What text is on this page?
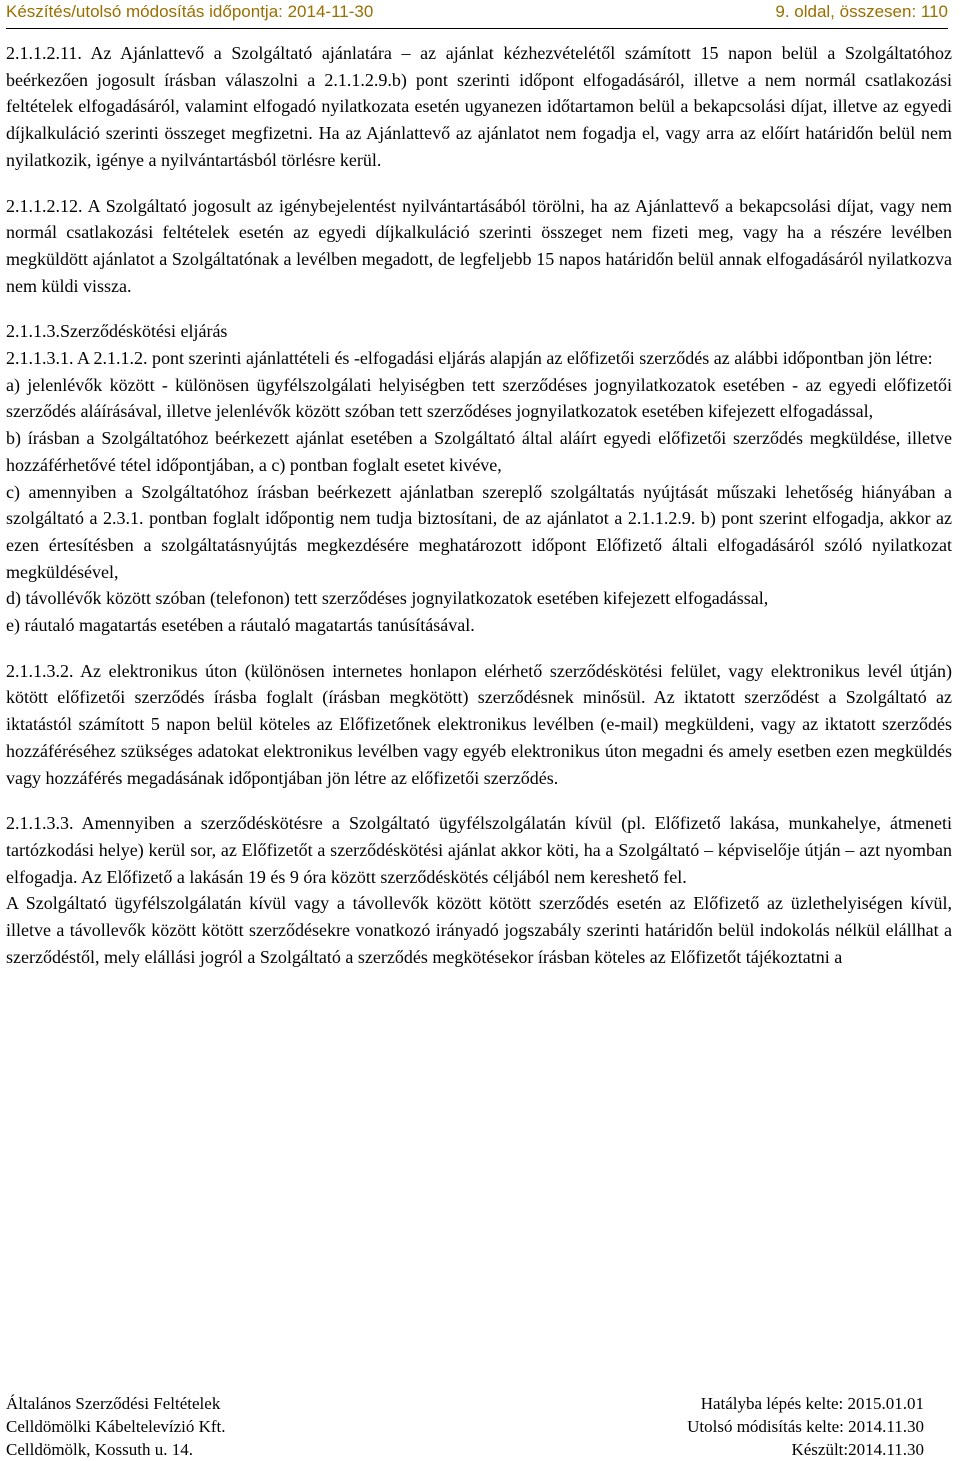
Készítés/utolsó módosítás időpontja: 2014-11-30	9. oldal, összesen: 110

2.1.1.2.11. Az Ajánlattevő a Szolgáltató ajánlatára – az ajánlat kézhezvételétől számított 15 napon belül a Szolgáltatóhoz beérkezően jogosult írásban válaszolni a 2.1.1.2.9.b) pont szerinti időpont elfogadásáról, illetve a nem normál csatlakozási feltételek elfogadásáról, valamint elfogadó nyilatkozata esetén ugyanezen időtartamon belül a bekapcsolási díjat, illetve az egyedi díjkalkuláció szerinti összeget megfizetni. Ha az Ajánlattevő az ajánlatot nem fogadja el, vagy arra az előírt határidőn belül nem nyilatkozik, igénye a nyilvántartásból törlésre kerül.

2.1.1.2.12. A Szolgáltató jogosult az igénybejelentést nyilvántartásából törölni, ha az Ajánlattevő a bekapcsolási díjat, vagy nem normál csatlakozási feltételek esetén az egyedi díjkalkuláció szerinti összeget nem fizeti meg, vagy ha a részére levélben megküldött ajánlatot a Szolgáltatónak a levélben megadott, de legfeljebb 15 napos határidőn belül annak elfogadásáról nyilatkozva nem küldi vissza.

2.1.1.3.Szerződéskötési eljárás

2.1.1.3.1. A 2.1.1.2. pont szerinti ajánlattételi és -elfogadási eljárás alapján az előfizetői szerződés az alábbi időpontban jön létre:

a) jelenlévők között - különösen ügyfélszolgálati helyiségben tett szerződéses jognyilatkozatok esetében - az egyedi előfizetői szerződés aláírásával, illetve jelenlévők között szóban tett szerződéses jognyilatkozatok esetében kifejezett elfogadással,

b) írásban a Szolgáltatóhoz beérkezett ajánlat esetében a Szolgáltató által aláírt egyedi előfizetői szerződés megküldése, illetve hozzáférhetővé tétel időpontjában, a c) pontban foglalt esetet kivéve,

c) amennyiben a Szolgáltatóhoz írásban beérkezett ajánlatban szereplő szolgáltatás nyújtását műszaki lehetőség hiányában a szolgáltató a 2.3.1. pontban foglalt időpontig nem tudja biztosítani, de az ajánlatot a 2.1.1.2.9. b) pont szerint elfogadja, akkor az ezen értesítésben a szolgáltatásnyújtás megkezdésére meghatározott időpont Előfizető általi elfogadásáról szóló nyilatkozat megküldésével,

d) távollévők között szóban (telefonon) tett szerződéses jognyilatkozatok esetében kifejezett elfogadással,

e) ráutaló magatartás esetében a ráutaló magatartás tanúsításával.

2.1.1.3.2. Az elektronikus úton (különösen internetes honlapon elérhető szerződéskötési felület, vagy elektronikus levél útján) kötött előfizetői szerződés írásba foglalt (írásban megkötött) szerződésnek minősül. Az iktatott szerződést a Szolgáltató az iktatástól számított 5 napon belül köteles az Előfizetőnek elektronikus levélben (e-mail) megküldeni, vagy az iktatott szerződés hozzáféréséhez szükséges adatokat elektronikus levélben vagy egyéb elektronikus úton megadni és amely esetben ezen megküldés vagy hozzáférés megadásának időpontjában jön létre az előfizetői szerződés.

2.1.1.3.3. Amennyiben a szerződéskötésre a Szolgáltató ügyfélszolgálatán kívül (pl. Előfizető lakása, munkahelye, átmeneti tartózkodási helye) kerül sor, az Előfizetőt a szerződéskötési ajánlat akkor köti, ha a Szolgáltató – képviselője útján – azt nyomban elfogadja. Az Előfizető a lakásán 19 és 9 óra között szerződéskötés céljából nem kereshető fel.

A Szolgáltató ügyfélszolgálatán kívül vagy a távollevők között kötött szerződés esetén az Előfizető az üzlethelyiségen kívül, illetve a távollevők között kötött szerződésekre vonatkozó irányadó jogszabály szerinti határidőn belül indokolás nélkül elállhat a szerződéstől, mely elállási jogról a Szolgáltató a szerződés megkötésekor írásban köteles az Előfizetőt tájékoztatni a

Általános Szerződési Feltételek
Celldömölki Kábeltelevízió Kft.
Celldömölk, Kossuth u. 14.
Hatályba lépés kelte: 2015.01.01
Utolsó módisítás kelte: 2014.11.30
Készült:2014.11.30
